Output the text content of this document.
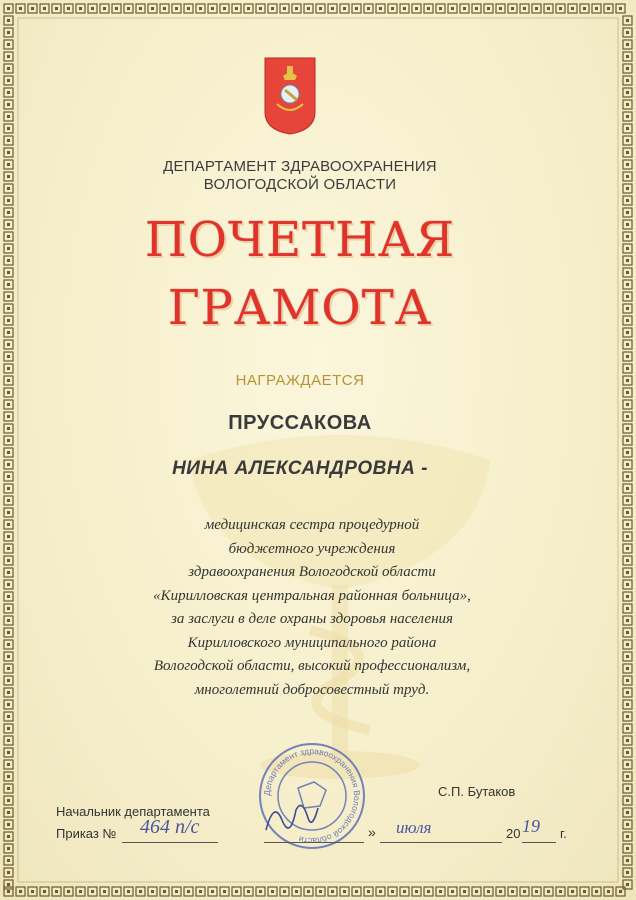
ДЕПАРТАМЕНТ ЗДРАВООХРАНЕНИЯ
ВОЛОГОДСКОЙ ОБЛАСТИ
ПОЧЕТНАЯ
ГРАМОТА
НАГРАЖДАЕТСЯ
ПРУССАКОВА
НИНА АЛЕКСАНДРОВНА -
медицинская сестра процедурной
бюджетного учреждения
здравоохранения Вологодской области
«Кирилловская центральная районная больница»,
за заслуги в деле охраны здоровья населения
Кирилловского муниципального района
Вологодской области, высокий профессионализм,
многолетний добросовестный труд.
Департамент здравоохранения Вологодской области
С.П. Бутаков
Начальник департамента
Приказ № 464 п/с	» июля	20 19 г.
